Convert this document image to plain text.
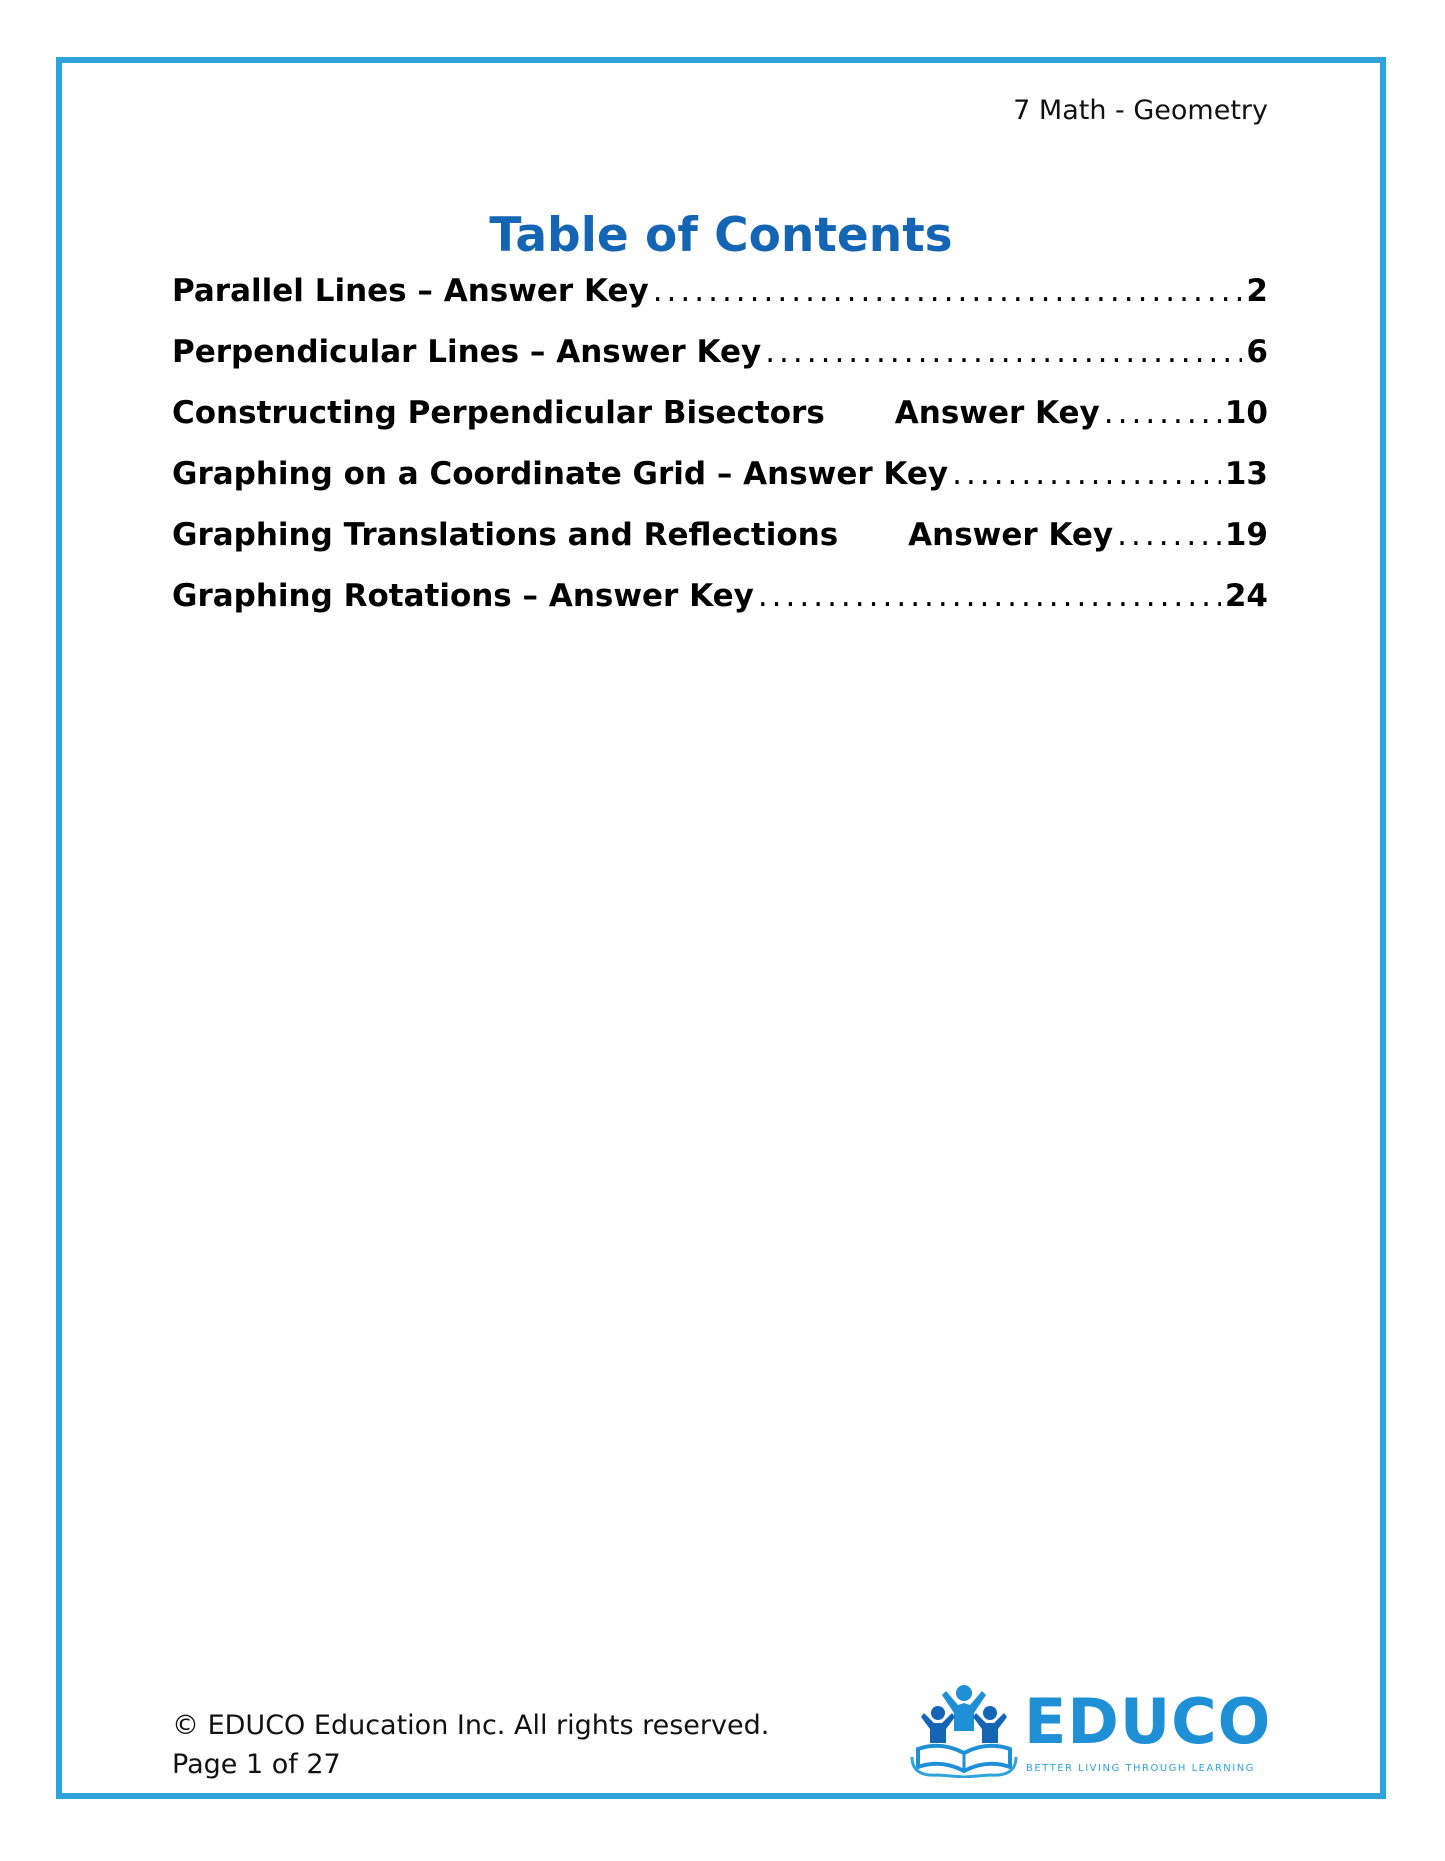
7 Math - Geometry
Table of Contents
Parallel Lines – Answer Key .....	2
Perpendicular Lines – Answer Key .....	6
Constructing Perpendicular Bisectors Answer Key .....	10
Graphing on a Coordinate Grid – Answer Key .....	13
Graphing Translations and Reflections Answer Key .....	19
Graphing Rotations – Answer Key .....	24
© EDUCO Education Inc. All rights reserved.
Page 1 of 27
EDUCO
BETTER LIVING THROUGH LEARNING
